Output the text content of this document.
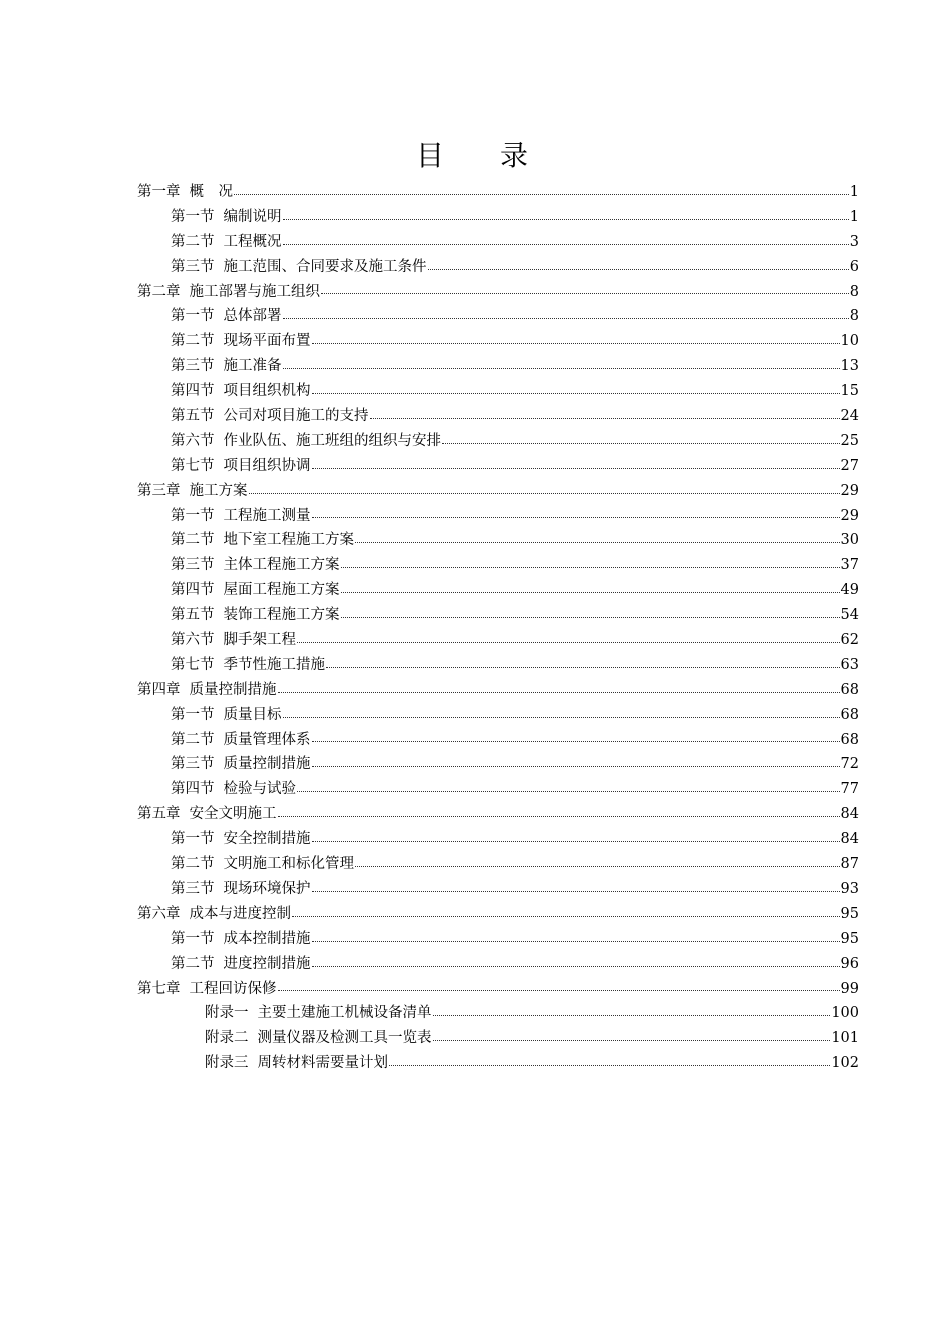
目录
第一章 概　况	1
第一节 编制说明	1
第二节 工程概况	3
第三节 施工范围、合同要求及施工条件	6
第二章 施工部署与施工组织	8
第一节 总体部署	8
第二节 现场平面布置	10
第三节 施工准备	13
第四节 项目组织机构	15
第五节 公司对项目施工的支持	24
第六节 作业队伍、施工班组的组织与安排	25
第七节 项目组织协调	27
第三章 施工方案	29
第一节 工程施工测量	29
第二节 地下室工程施工方案	30
第三节 主体工程施工方案	37
第四节 屋面工程施工方案	49
第五节 装饰工程施工方案	54
第六节 脚手架工程	62
第七节 季节性施工措施	63
第四章 质量控制措施	68
第一节 质量目标	68
第二节 质量管理体系	68
第三节 质量控制措施	72
第四节 检验与试验	77
第五章 安全文明施工	84
第一节 安全控制措施	84
第二节 文明施工和标化管理	87
第三节 现场环境保护	93
第六章 成本与进度控制	95
第一节 成本控制措施	95
第二节 进度控制措施	96
第七章 工程回访保修	99
附录一 主要土建施工机械设备清单	100
附录二 测量仪器及检测工具一览表	101
附录三 周转材料需要量计划	102
